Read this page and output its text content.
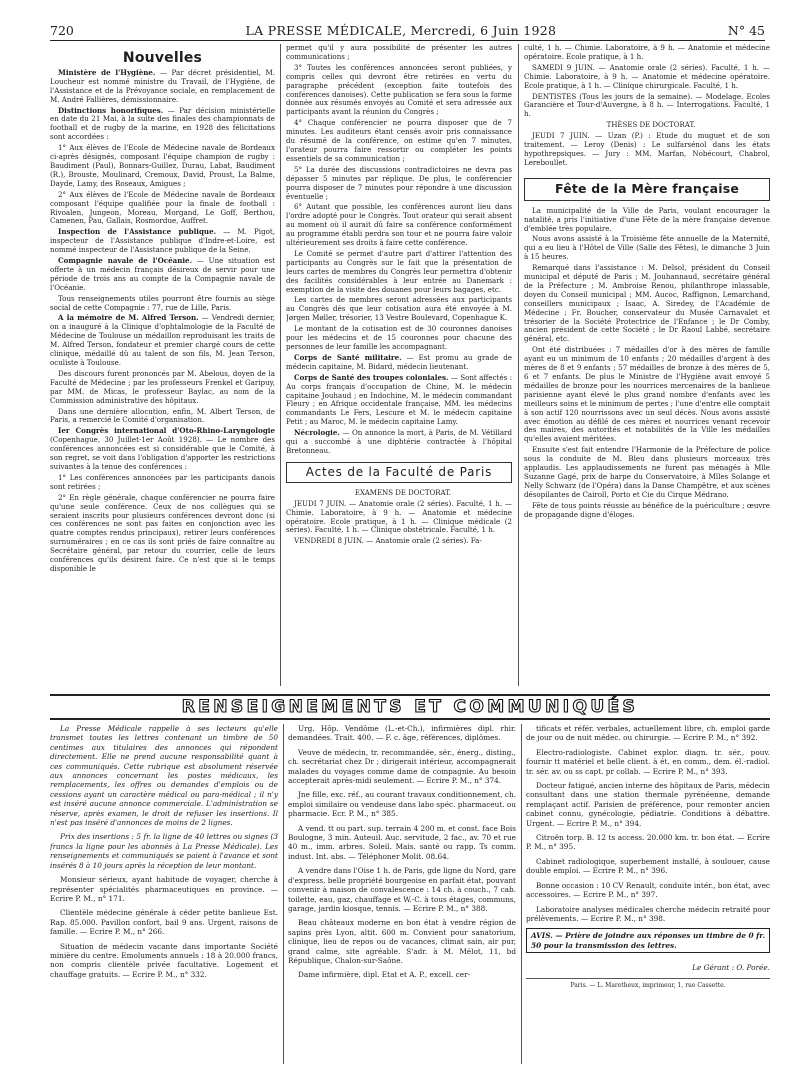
720	LA PRESSE MÉDICALE, Mercredi, 6 Juin 1928	N° 45
Nouvelles

Ministère de l'Hygiène. — Par décret présidentiel, M. Loucheur est nommé ministre du Travail, de l'Hygiène, de l'Assistance et de la Prévoyance sociale, en remplacement de M. André Fallières, démissionnaire.

Distinctions honorifiques. — Par décision ministérielle en date du 21 Mai, à la suite des finales des championnats de football et de rugby de la marine, en 1928 des félicitations sont accordées :

1° Aux élèves de l'Ecole de Médecine navale de Bordeaux ci-après désignés, composant l'équipe champion de rugby : Baudiment (Paul), Bonnars-Guillez, Durau, Labat, Baudiment (R.), Brouste, Moulinard, Cremoux, David, Proust, La Balme, Dayde, Lamy, des Roseaux, Amigues ;

2° Aux élèves de l'Ecole de Médecine navale de Bordeaux composant l'équipe qualifiée pour la finale de football : Rivoalen, Jungeon, Moreau, Morgand, Le Goff, Berthou, Camenen, Pau, Gallais, Rosmordue, Auffret.

Inspection de l'Assistance publique. — M. Pigot, inspecteur de l'Assistance publique d'Indre-et-Loire, est nommé inspecteur de l'Assistance publique de la Seine.

Compagnie navale de l'Océanie. — Une situation est offerte à un médecin français désireux de servir pour une période de trois ans au compte de la Compagnie navale de l'Océanie.

Tous renseignements utiles pourront être fournis au siège social de cette Compagnie : 77, rue de Lille, Paris.

A la mémoire de M. Alfred Terson. — Vendredi dernier, on a inauguré à la Clinique d'ophtalmologie de la Faculté de Médecine de Toulouse un médaillon reproduisant les traits de M. Alfred Terson, fondateur et premier chargé cours de cette clinique, médaillé dû au talent de son fils, M. Jean Terson, oculiste à Toulouse.

Des discours furent prononcés par M. Abelous, doyen de la Faculté de Médecine ; par les professeurs Frenkel et Garipuy, par MM. de Micas, le professeur Baylac, au nom de la Commission administrative des hôpitaux.

Dans une dernière allocution, enfin, M. Albert Terson, de Paris, a remercié le Comité d'organisation.

Ier Congrès international d'Oto-Rhino-Laryngologie (Copenhague, 30 Juillet-1er Août 1928). — Le nombre des conférences annoncées est si considérable que le Comité, à son regret, se voit dans l'obligation d'apporter les restrictions suivantes à la tenue des conférences :

1° Les conférences annoncées par les participants danois sont retirées ;

2° En règle générale, chaque conférencier ne pourra faire qu'une seule conférence. Ceux de nos collègues qui se seraient inscrits pour plusieurs conférences devront donc (si ces conférences ne sont pas faites en conjonction avec les quatre comptes rendus principaux), retirer leurs conférences surnuméraires ; en ce cas ils sont priés de faire connaître au Secrétaire général, par retour du courrier, celle de leurs conférences qu'ils désirent faire. Ce n'est que si le temps disponible le

permet qu'il y aura possibilité de présenter les autres communications ;

3° Toutes les conférences annoncées seront publiées, y compris celles qui devront être retirées en vertu du paragraphe précédent (exception faite toutefois des conférences danoises). Cette publication se fera sous la forme donnée aux résumés envoyés au Comité et sera adressée aux participants avant la réunion du Congrès ;

4° Chaque conférencier ne pourra disposer que de 7 minutes. Les auditeurs étant censés avoir pris connaissance du résumé de la conférence, on estime qu'en 7 minutes, l'orateur pourra faire ressortir ou compléter les points essentiels de sa communication ;

5° La durée des discussions contradictoires ne devra pas dépasser 5 minutes par réplique. De plus, le conférencier pourra disposer de 7 minutes pour répondre à une discussion éventuelle ;

6° Autant que possible, les conférences auront lieu dans l'ordre adopté pour le Congrès. Tout orateur qui serait absent au moment où il aurait dû faire sa conférence conformément au programme établi perdra son tour et ne pourra faire valoir ultérieurement ses droits à faire cette conférence.

Le Comité se permet d'autre part d'attirer l'attention des participants au Congrès sur le fait que la présentation de leurs cartes de membres du Congrès leur permettra d'obtenir des facilités considérables à leur entrée au Danemark : exemption de la visite des douanes pour leurs bagages, etc.

Les cartes de membres seront adressées aux participants au Congrès dès que leur cotisation aura été envoyée à M. Jørgen Møller, trésorier, 13 Vestre Boulevard, Copenhague K.

Le montant de la cotisation est de 30 couronnes danoises pour les médecins et de 15 couronnes pour chacune des personnes de leur famille les accompagnant.

Corps de Santé militaire. — Est promu au grade de médecin capitaine, M. Bidard, médecin lieutenant.

Corps de Santé des troupes coloniales. — Sont affectés : Au corps français d'occupation de Chine, M. le médecin capitaine Jouhaud ; en Indochine, M. le médecin commandant Fleury ; en Afrique occidentale française, MM. les médecins commandants Le Fers, Lescure et M. le médecin capitaine Petit ; au Maroc, M. le médecin capitaine Lamy.

Nécrologie. — On annonce la mort, à Paris, de M. Vétillard qui a succombé à une diphtérie contractée à l'hôpital Bretonneau.

Actes de la Faculté de Paris

EXAMENS DE DOCTORAT.

JEUDI 7 JUIN. — Anatomie orale (2 séries). Faculté, 1 h. — Chimie. Laboratoire, à 9 h. — Anatomie et médecine opératoire. Ecole pratique, à 1 h. — Clinique médicale (2 séries). Faculté, 1 h. — Clinique obstétricale. Faculté, 1 h.

VENDREDI 8 JUIN. — Anatomie orale (2 séries). Fa-

culté, 1 h. — Chimie. Laboratoire, à 9 h. — Anatomie et médecine opératoire. Ecole pratique, à 1 h.

SAMEDI 9 JUIN. — Anatomie orale (2 séries). Faculté, 1 h. — Chimie. Laboratoire, à 9 h. — Anatomie et médecine opératoire. Ecole pratique, à 1 h. — Clinique chirurgicale. Faculté, 1 h.

DENTISTES (Tous les jours de la semaine). — Modelage. Ecoles Garancière et Tour-d'Auvergne, à 8 h. — Interrogations. Faculté, 1 h.

THÈSES DE DOCTORAT.

JEUDI 7 JUIN. — Uzan (P.) : Etude du muguet et de son traitement. — Leroy (Denis) : Le sulfarsénol dans les états hypothrepsiques. — Jury : MM. Marfan, Nobécourt, Chabrol, Lereboullet.

Fête de la Mère française

La municipalité de la Ville de Paris, voulant encourager la natalité, a pris l'initiative d'une Fête de la mère française devenue d'emblée très populaire.

Nous avons assisté à la Troisième fête annuelle de la Maternité, qui a eu lieu à l'Hôtel de Ville (Salle des Fêtes), le dimanche 3 Juin à 15 heures.

Remarqué dans l'assistance : M. Delsol, président du Conseil municipal et député de Paris ; M. Jouhannaud, secrétaire général de la Préfecture ; M. Ambroise Renou, philanthrope inlassable, doyen du Conseil municipal ; MM. Aucoc, Raffignon, Lemarchand, conseillers municipaux ; Isaac, A. Siredey, de l'Académie de Médecine ; Fr. Boucher, conservateur du Musée Carnavalet et trésorier de la Société Protectrice de l'Enfance ; le Dr Comby, ancien président de cette Société ; le Dr Raoul Labbé, secrétaire général, etc.

Ont été distribuées : 7 médailles d'or à des mères de famille ayant eu un minimum de 10 enfants ; 20 médailles d'argent à des mères de 8 et 9 enfants ; 57 médailles de bronze à des mères de 5, 6 et 7 enfants. De plus le Ministre de l'Hygiène avait envoyé 5 médailles de bronze pour les nourrices mercenaires de la banlieue parisienne ayant élevé le plus grand nombre d'enfants avec les meilleurs soins et le minimum de pertes ; l'une d'entre elle comptait à son actif 120 nourrissons avec un seul décès. Nous avons assisté avec émotion au défilé de ces mères et nourrices venant recevoir des maires, des autorités et notabilités de la Ville les médailles qu'elles avaient méritées.

Ensuite s'est fait entendre l'Harmonie de la Préfecture de police sous la conduite de M. Bleu dans plusieurs morceaux très applaudis. Les applaudissements ne furent pas ménagés à Mlle Suzanne Gagé, prix de harpe du Conservatoire, à Mlles Solange et Nelly Schwarz (de l'Opéra) dans la Danse Champêtre, et aux scènes désopilantes de Cairoll, Porto et Cie du Cirque Médrano.

Fête de tous points réussie au bénéfice de la puériculture ; œuvre de propagande digne d'éloges.

RENSEIGNEMENTS ET COMMUNIQUÉS

La Presse Médicale rappelle à ses lecteurs qu'elle transmet toutes les lettres contenant un timbre de 50 centimes aux titulaires des annonces qui répondent directement. Elle ne prend aucune responsabilité quant à ces communiqués. Cette rubrique est absolument réservée aux annonces concernant les postes médicaux, les remplacements, les offres ou demandes d'emplois ou de cessions ayant un caractère médical ou para-médical ; il n'y est inséré aucune annonce commerciale. L'administration se réserve, après examen, le droit de refuser les insertions. Il n'est pas inséré d'annonces de moins de 2 lignes.

Prix des insertions : 5 fr. la ligne de 40 lettres ou signes (3 francs la ligne pour les abonnés à La Presse Médicale). Les renseignements et communiqués se paient à l'avance et sont insérés 8 à 10 jours après la réception de leur montant.

Monsieur sérieux, ayant habitude de voyager, cherche à représenter spécialités pharmaceutiques en province. — Ecrire P. M., n° 171.

Clientèle médecine générale à céder petite banlieue Est. Rap. 85.000. Pavillon confort, bail 9 ans. Urgent, raisons de famille. — Ecrire P. M., n° 266.

Situation de médecin vacante dans importante Société minière du centre. Emoluments annuels : 18 à 20.000 francs, non compris clientèle privée facultative. Logement et chauffage gratuits. — Ecrire P. M., n° 332.

Urg. Hôp. Vendôme (L.-et-Ch.), infirmières dipl. rhir. demandées. Trait. 400. — F. c. âge, références, diplômes.

Veuve de médecin, tr. recommandée, sér., énerg., disting., ch. secrétariat chez Dr ; dirigerait intérieur, accompagnerait malades du voyages comme dame de compagnie. Au besoin accepterait après-midi seulement. — Ecrire P. M., n° 374.

Jne fille, exc. réf., au courant travaux conditionnement, ch. emploi similaire ou vendeuse dans labo spéc. pharmaceut. ou pharmacie. Ecr. P. M., n° 385.

A vend. tt ou part. sup. terrain 4 200 m. et const. face Bois Boulogne, 3 min. Auteuil. Auc. servitude, 2 fac., av. 70 et rue 40 m., imm. arbres. Soleil. Mais. santé ou rapp. Ts comm. indust. Int. abs. — Téléphoner Molit. 08.64.

A vendre dans l'Oise 1 h. de Paris, gde ligne du Nord, gare d'express, belle propriété bourgeoise en parfait état, pouvant convenir à maison de convalescence : 14 ch. à couch., 7 cab. toilette, eau, gaz, chauffage et W.-C. à tous étages, communs, garage, jardin kiosque, tennis. — Ecrire P. M., n° 388.

Beau châteaux moderne en bon état à vendre région de sapins près Lyon, altit. 600 m. Convient pour sanatorium, clinique, lieu de repos ou de vacances, climat sain, air pur, grand calme, site agréable. S'adr. à M. Mélot, 11, bd République, Chalon-sur-Saône.

Dame infirmière, dipl. Etat et A. P., excell. cer-

tificats et référ. verbales, actuellement libre, ch. emploi garde de jour ou de nuit médec. ou chirurgie. — Ecrire P. M., n° 392.

Electro-radiologiste. Cabinet explor. diagn. tr. sér., pouv. fournir tt matériel et belle client. à ét. en comm., dem. él.-radiol. tr. sér. av. ou ss capt. pr collab. — Ecrire P. M., n° 393.

Docteur fatigué, ancien interne des hôpitaux de Paris, médecin consultant dans une station thermale pyrénéenne, demande remplaçant actif. Parisien de préférence, pour remonter ancien cabinet connu, gynécologie, pédiatrie. Conditions à débattre. Urgent. — Ecrire P. M., n° 394.

Citroën torp. B. 12 ts access. 20.000 km. tr. bon état. — Ecrire P. M., n° 395.

Cabinet radiologique, superbement installé, à soulouer, cause double emploi. — Ecrire P. M., n° 396.

Bonne occasion : 10 CV Renault, conduite intér., bon état, avec accessoires. — Ecrire P. M., n° 397.

Laboratoire analyses médicales cherche médecin retraité pour prélèvements. — Ecrire P. M., n° 398.

AVIS. — Prière de joindre aux réponses un timbre de 0 fr. 50 pour la transmission des lettres.

Le Gérant : O. Porée.

Paris. — L. Maretheux, imprimeur, 1, rue Cassette.
